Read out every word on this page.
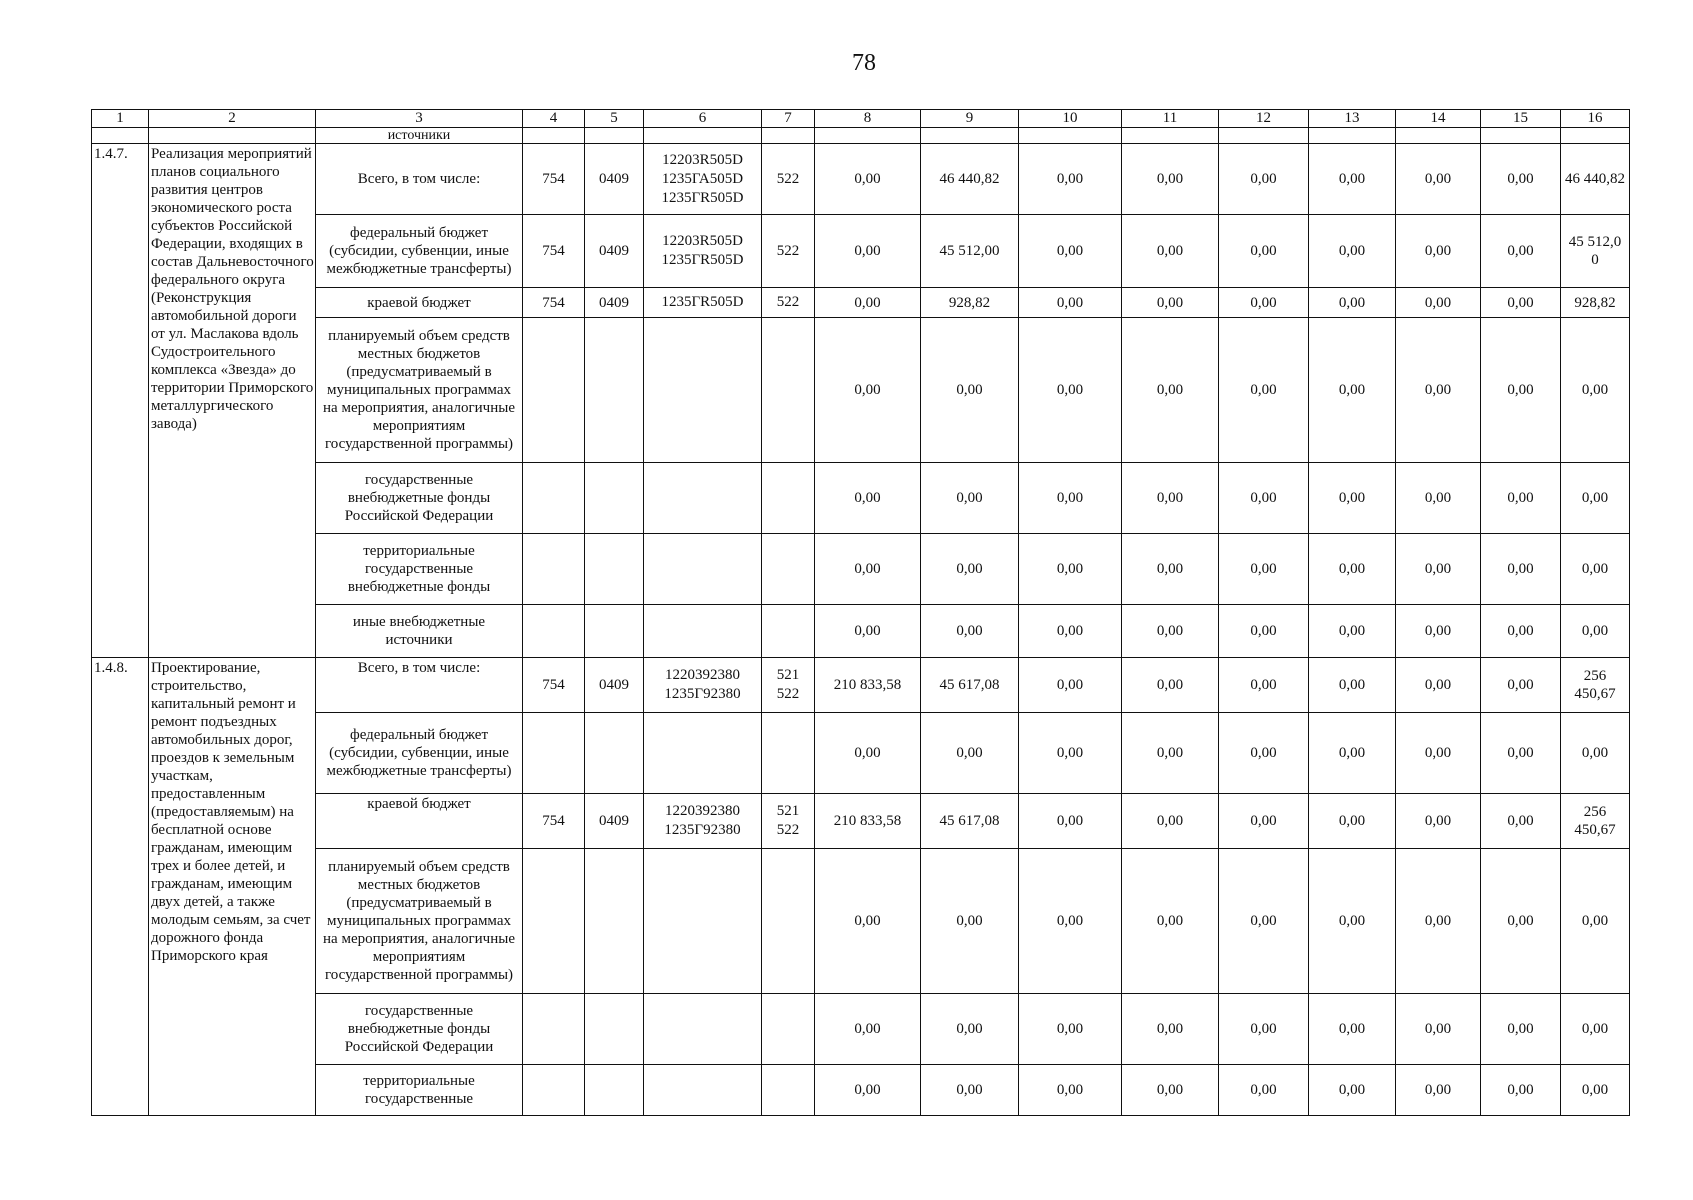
78
1	2	3	4	5	6	7	8	9	10	11	12	13	14	15	16
		источники													
1.4.7.	Реализация мероприятий планов социального развития центров экономического роста субъектов Российской Федерации, входящих в состав Дальневосточного федерального округа (Реконструкция автомобильной дороги от ул. Маслакова вдоль Судостроительного комплекса «Звезда» до территории Приморского металлургического завода)	Всего, в том числе:	754	0409	12203R505D 1235ГА505D 1235ГR505D	522	0,00	46 440,82	0,00	0,00	0,00	0,00	0,00	0,00	46 440,82
		федеральный бюджет (субсидии, субвенции, иные межбюджетные трансферты)	754	0409	12203R505D 1235ГR505D	522	0,00	45 512,00	0,00	0,00	0,00	0,00	0,00	0,00	45 512,0 0
		краевой бюджет	754	0409	1235ГR505D	522	0,00	928,82	0,00	0,00	0,00	0,00	0,00	0,00	928,82
		планируемый объем средств местных бюджетов (предусматриваемый в муниципальных программах на мероприятия, аналогичные мероприятиям государственной программы)					0,00	0,00	0,00	0,00	0,00	0,00	0,00	0,00	0,00
		государственные внебюджетные фонды Российской Федерации					0,00	0,00	0,00	0,00	0,00	0,00	0,00	0,00	0,00
		территориальные государственные внебюджетные фонды					0,00	0,00	0,00	0,00	0,00	0,00	0,00	0,00	0,00
		иные внебюджетные источники					0,00	0,00	0,00	0,00	0,00	0,00	0,00	0,00	0,00
1.4.8.	Проектирование, строительство, капитальный ремонт и ремонт подъездных автомобильных дорог, проездов к земельным участкам, предоставленным (предоставляемым) на бесплатной основе гражданам, имеющим трех и более детей, и гражданам, имеющим двух детей, а также молодым семьям, за счет дорожного фонда Приморского края	Всего, в том числе:	754	0409	1220392380 1235Г92380	521 522	210 833,58	45 617,08	0,00	0,00	0,00	0,00	0,00	0,00	256 450,67
		федеральный бюджет (субсидии, субвенции, иные межбюджетные трансферты)					0,00	0,00	0,00	0,00	0,00	0,00	0,00	0,00	0,00
		краевой бюджет	754	0409	1220392380 1235Г92380	521 522	210 833,58	45 617,08	0,00	0,00	0,00	0,00	0,00	0,00	256 450,67
		планируемый объем средств местных бюджетов (предусматриваемый в муниципальных программах на мероприятия, аналогичные мероприятиям государственной программы)					0,00	0,00	0,00	0,00	0,00	0,00	0,00	0,00	0,00
		государственные внебюджетные фонды Российской Федерации					0,00	0,00	0,00	0,00	0,00	0,00	0,00	0,00	0,00
		территориальные государственные					0,00	0,00	0,00	0,00	0,00	0,00	0,00	0,00	0,00
